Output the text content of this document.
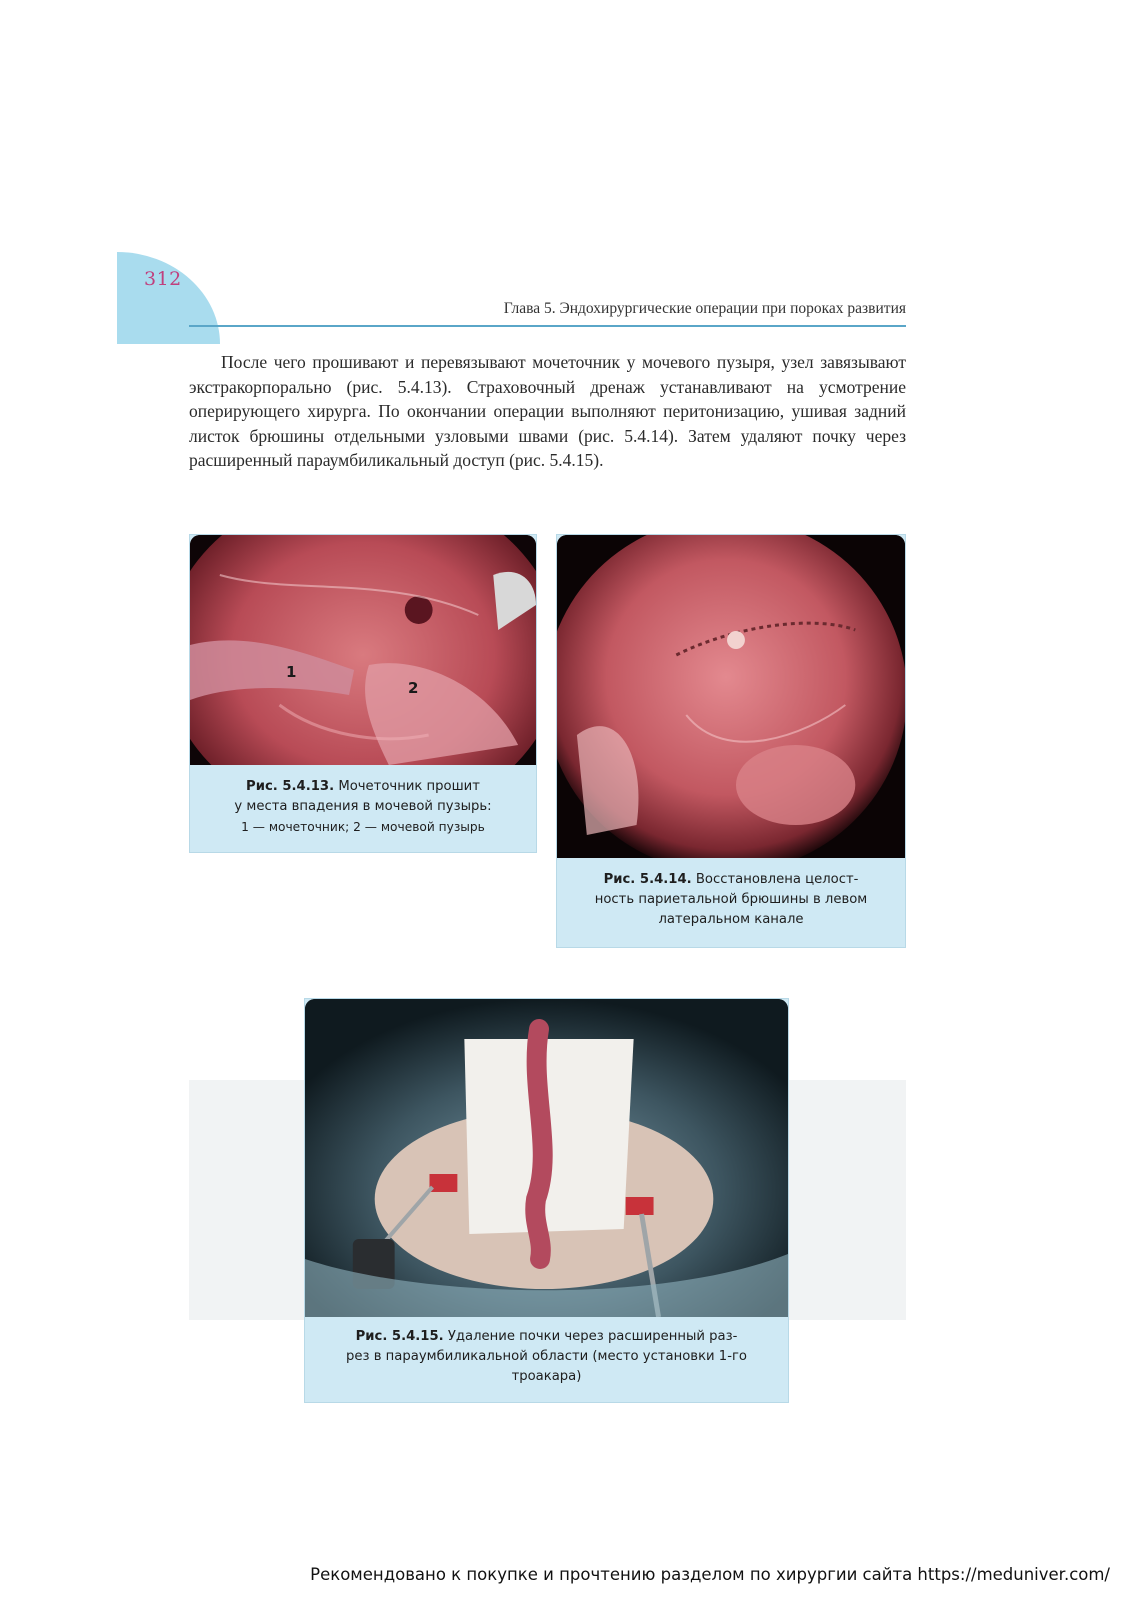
312
Глава 5. Эндохирургические операции при пороках развития

После чего прошивают и перевязывают мочеточник у мочевого пузыря, узел завязывают экстракорпорально (рис. 5.4.13). Страховочный дренаж устанавливают на усмотрение оперирующего хирурга. По окончании операции выполняют перитонизацию, ушивая задний листок брюшины отдельными узловыми швами (рис. 5.4.14). Затем удаляют почку через расширенный параумбиликальный доступ (рис. 5.4.15).

1
2
Рис. 5.4.13. Мочеточник прошит
у места впадения в мочевой пузырь:
1 — мочеточник; 2 — мочевой пузырь
Рис. 5.4.14. Восстановлена целост-
ность париетальной брюшины в левом
латеральном канале
Рис. 5.4.15. Удаление почки через расширенный раз-
рез в параумбиликальной области (место установки 1-го
троакара)
Рекомендовано к покупке и прочтению разделом по хирургии сайта https://meduniver.com/
